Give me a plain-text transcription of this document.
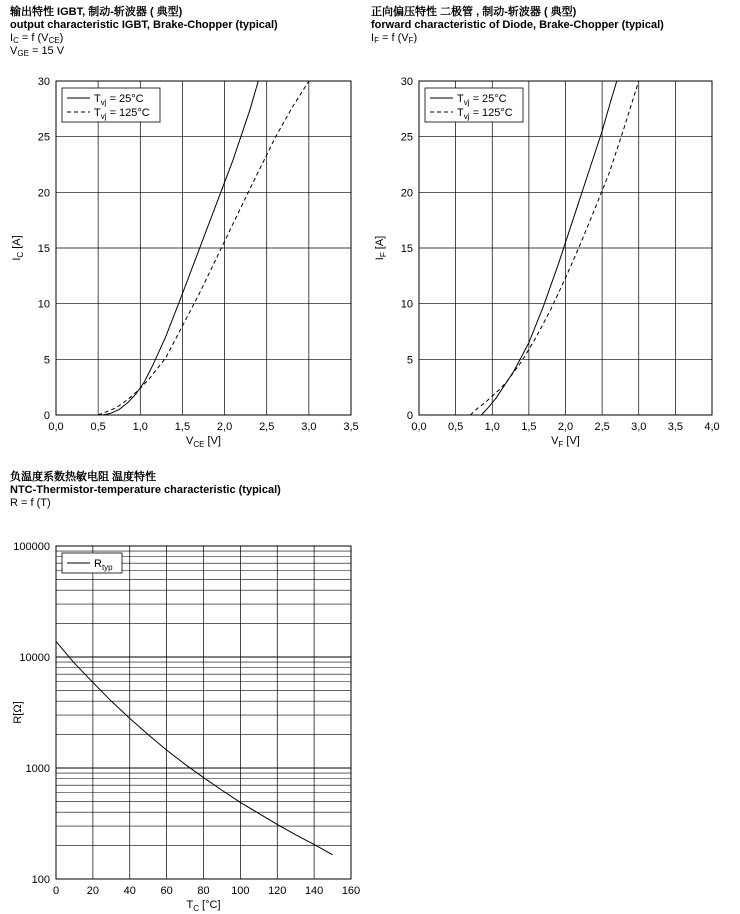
输出特性 IGBT, 制动-斩波器 ( 典型)
output characteristic IGBT, Brake-Chopper (typical)
$I_C = f$ $(V_{CE})$
$V_{GE} = 15$ V
正向偏压特性 二极管 , 制动-斩波器 ( 典型)
forward characteristic of Diode, Brake-Chopper (typical)
$I_F = f$ $(V_F)$
负温度系数热敏电阻 温度特性
NTC-Thermistor-temperature characteristic (typical)
R = f (T)
0,0 0,5 1,0 1,5 2,0 2,5 3,0 3,5
0
5
10
15
20
25
30
$V_{CE}$ [V]
$I_C$ [A]
$T_{vj} = 25^\circ C$
$T_{vj} = 125^\circ C$
0,0 0,5 1,0 1,5 2,0 2,5 3,0 3,5 4,0
0
5
10
15
20
25
30
$V_F$ [V]
$I_F$ [A]
$T_{vj} = 25^\circ C$
$T_{vj} = 125^\circ C$
0	20 40 60 80 100 120 140 160
100
1000
10000
100000
$T_C$ [°C]
R[Ω]
$R_{typ}$
